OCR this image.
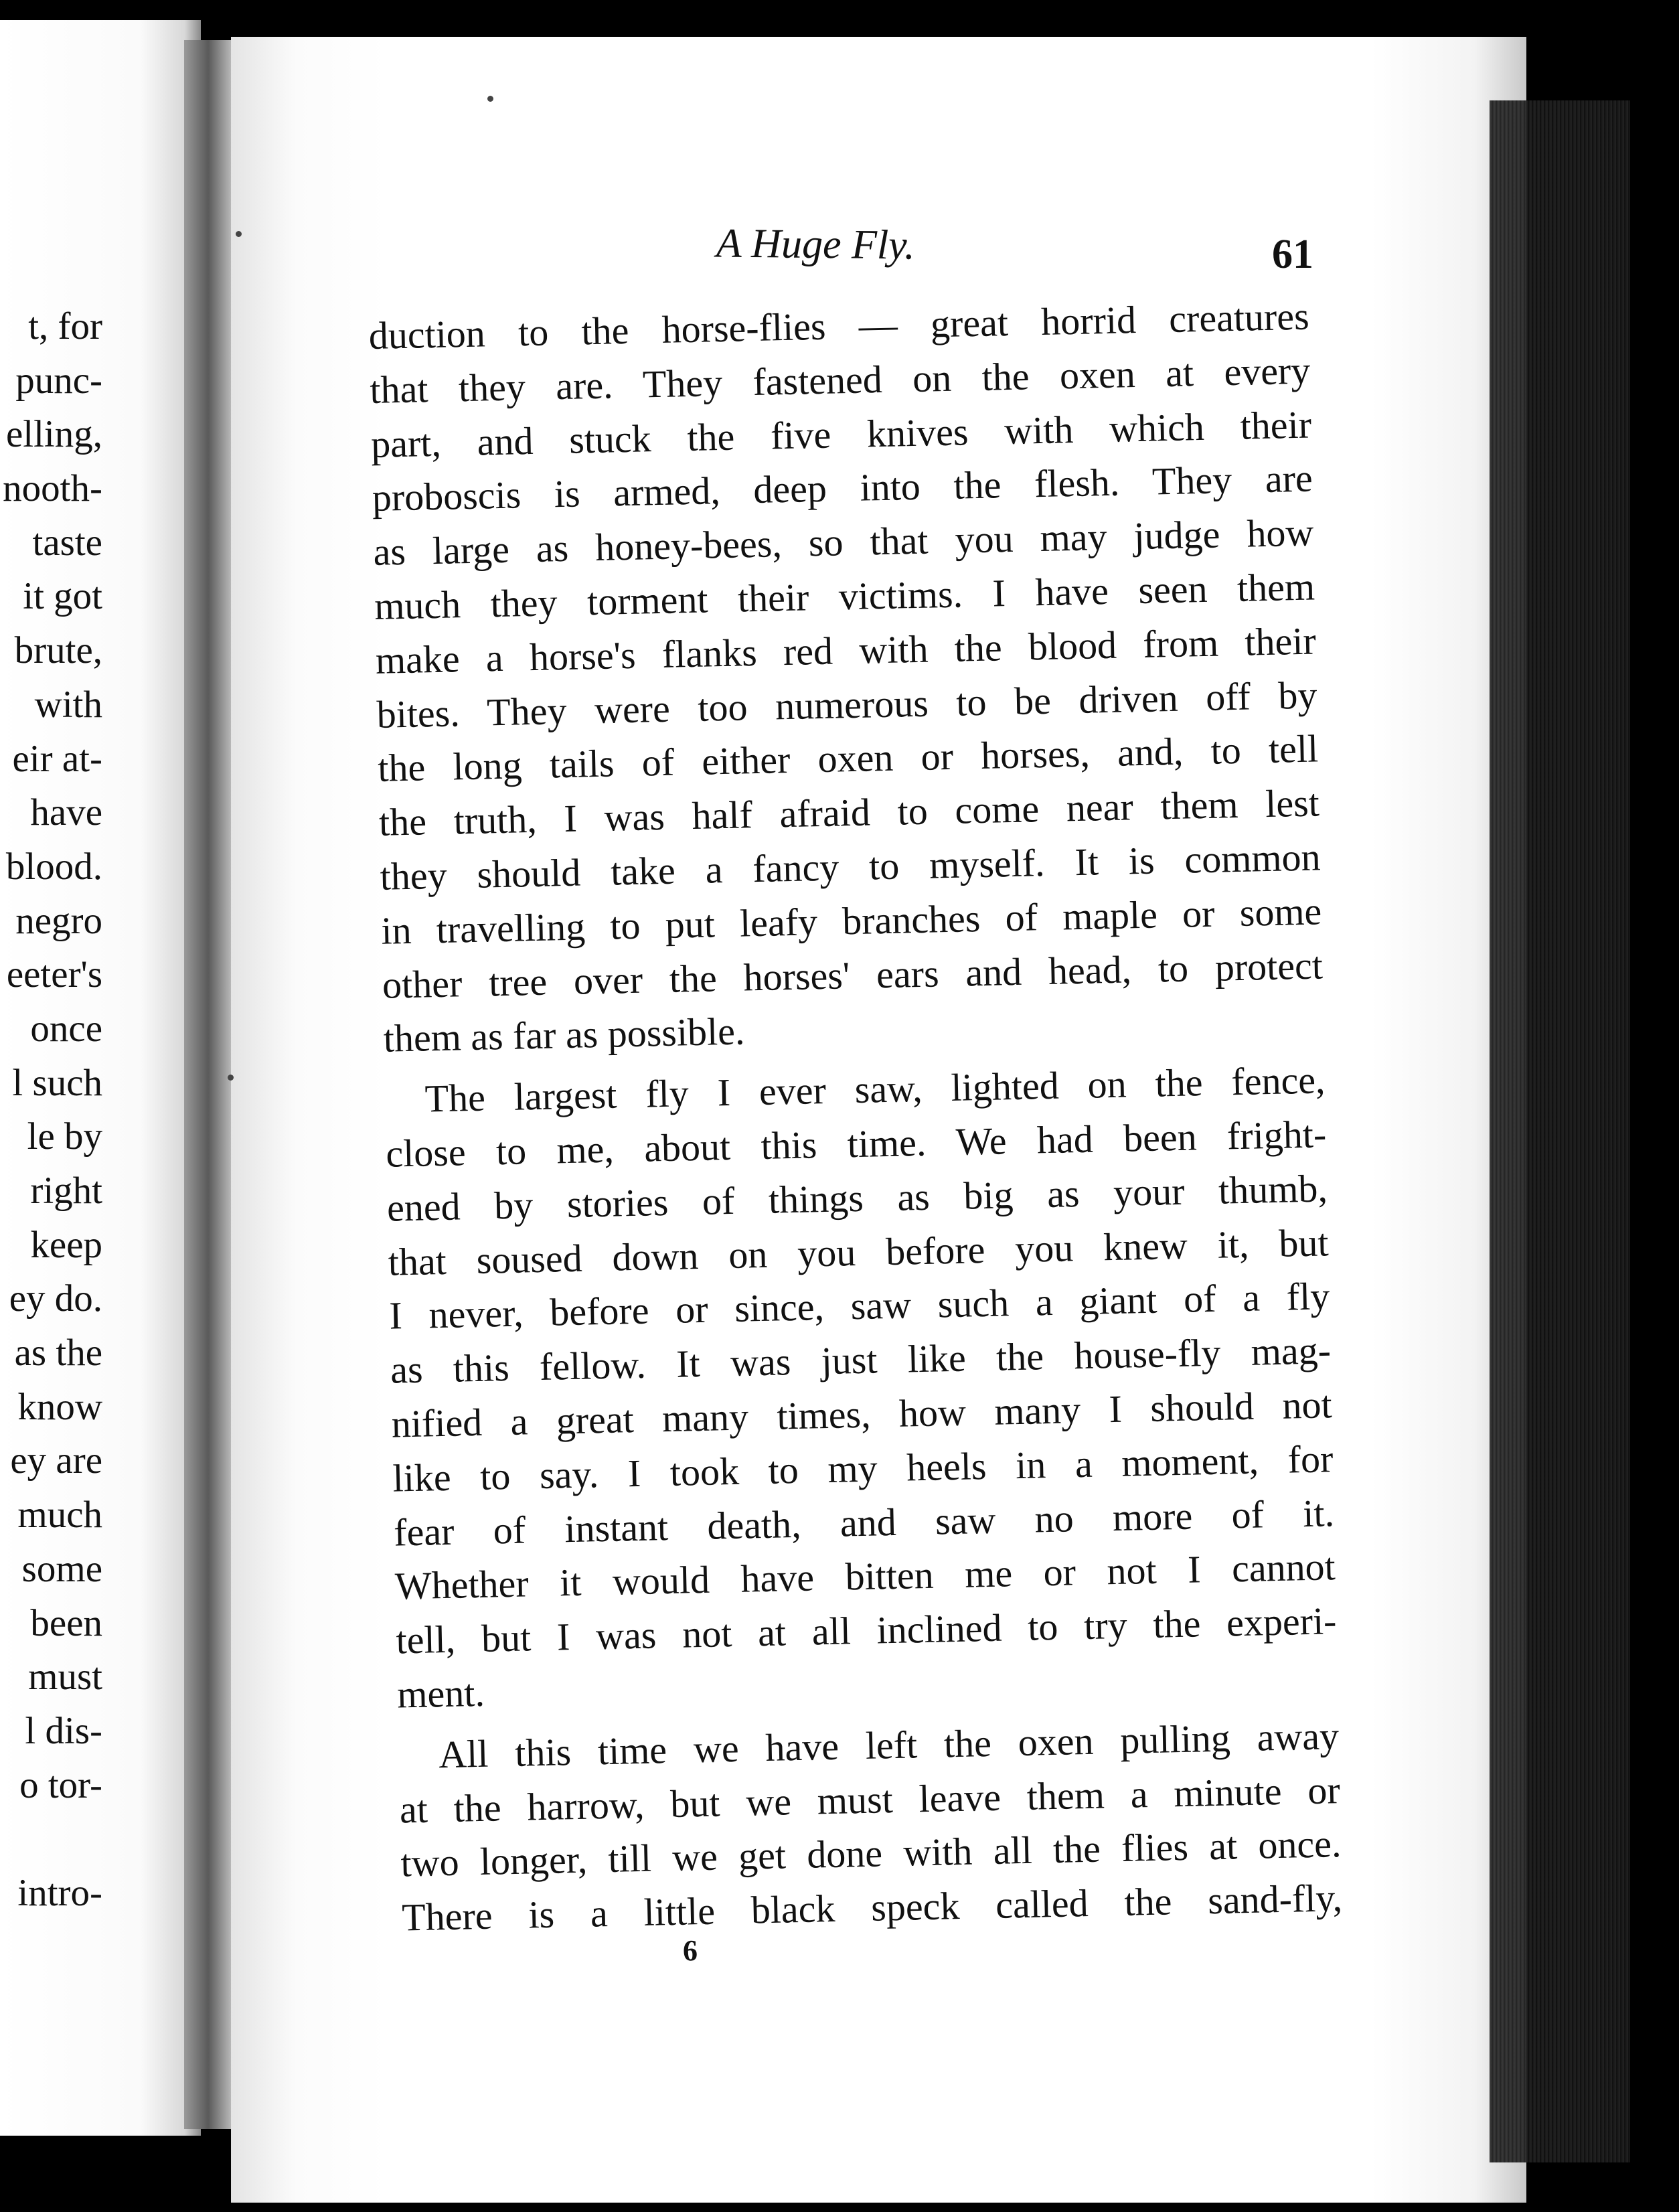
t, for
punc-
elling,
nooth-
taste
it got
brute,
with
eir at-
have
blood.
negro
eeter's
once
l such
le by
right
keep
ey do.
as the
know
ey are
much
some
been
must
l dis-
o tor-
intro-
A Huge Fly.	61
duction to the horse-flies — great horrid creatures
that they are. They fastened on the oxen at every
part, and stuck the five knives with which their
proboscis is armed, deep into the flesh. They are
as large as honey-bees, so that you may judge how
much they torment their victims. I have seen them
make a horse's flanks red with the blood from their
bites. They were too numerous to be driven off by
the long tails of either oxen or horses, and, to tell
the truth, I was half afraid to come near them lest
they should take a fancy to myself. It is common
in travelling to put leafy branches of maple or some
other tree over the horses' ears and head, to protect
them as far as possible.
The largest fly I ever saw, lighted on the fence,
close to me, about this time. We had been fright-
ened by stories of things as big as your thumb,
that soused down on you before you knew it, but
I never, before or since, saw such a giant of a fly
as this fellow. It was just like the house-fly mag-
nified a great many times, how many I should not
like to say. I took to my heels in a moment, for
fear of instant death, and saw no more of it.
Whether it would have bitten me or not I cannot
tell, but I was not at all inclined to try the experi-
ment.
All this time we have left the oxen pulling away
at the harrow, but we must leave them a minute or
two longer, till we get done with all the flies at once.
There is a little black speck called the sand-fly,
6
